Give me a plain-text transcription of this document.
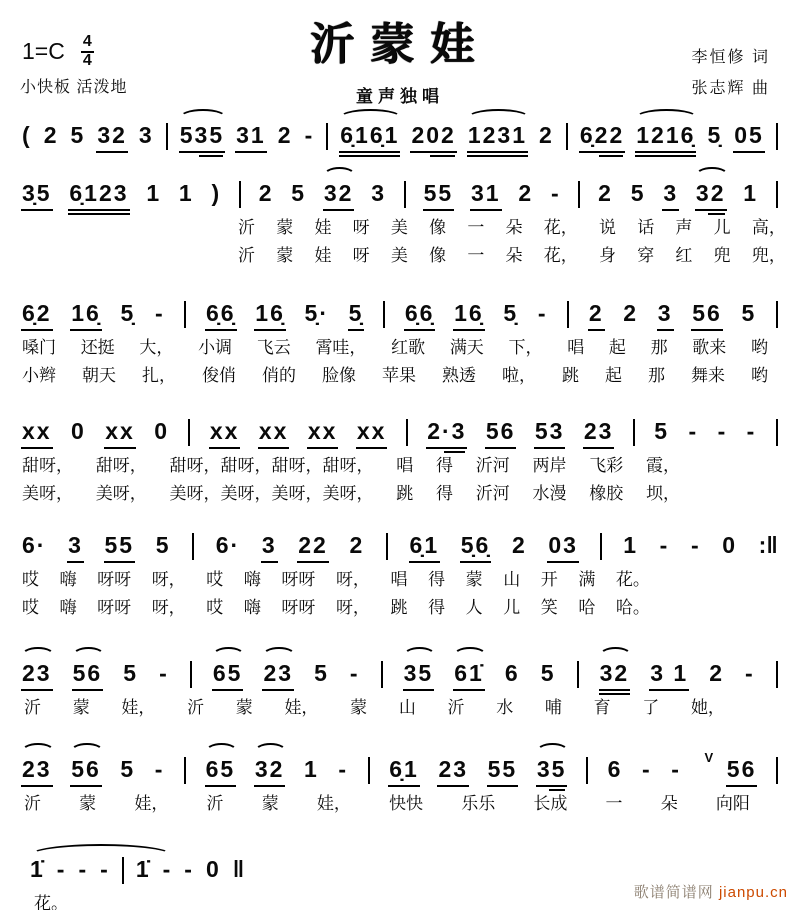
1=C 4
4	沂蒙娃
小快板 活泼地	童声独唱
李恒修 词
张志辉 曲
( 2 5 32 3 535 31 2 - 6̣16̣1 202 1231 2 6̣22 1216̣ 5̣ 05
3̣5 6̣123 1 1 ) 2 5 32 3 55 31 2 - 2 5 3 32 1
沂 蒙 娃 呀 美 像 一 朵 花， 说 话 声 儿 高，
沂 蒙 娃 呀 美 像 一 朵 花， 身 穿 红 兜 兜，
6̣2 16̣ 5̣ - 6̣6̣ 16̣ 5̣· 5̣ 6̣6̣ 16̣ 5̣ - 2 2 3 56 5
嗓门 还挺 大， 小调 飞云 霄哇， 红歌 满天 下， 唱 起 那 歌来 哟
小辫 朝天 扎， 俊俏 俏的 脸像 苹果 熟透 啦， 跳 起 那 舞来 哟
xx 0 xx 0 xx xx xx xx 2·3 56 53 23 5 - - -
甜呀， 甜呀， 甜呀，甜呀，甜呀，甜呀， 唱 得 沂河 两岸 飞彩 霞，
美呀， 美呀， 美呀，美呀，美呀，美呀， 跳 得 沂河 水漫 橡胶 坝，
6· 3 55 5 6· 3 22 2 6̣1 5̣6̣ 2 03 1 - - 0 :‖
哎 嗨 呀呀 呀， 哎 嗨 呀呀 呀， 唱 得 蒙 山 开 满 花。
哎 嗨 呀呀 呀， 哎 嗨 呀呀 呀， 跳 得 人 儿 笑 哈 哈。
23 56 5 - 65 23 5 - 35 61̇ 6 5 32 3 1 2 -
沂 蒙 娃， 沂 蒙 娃， 蒙 山 沂 水 哺 育 了 她，
23 56 5 - 65 32 1 - 6̣1 23 55 35 6 - - V 56
沂 蒙 娃， 沂 蒙 娃， 快快 乐乐 长成 一 朵 向阳
1̇ - - - 1̇ - - 0 ‖
花。
歌谱简谱网 jianpu.cn
